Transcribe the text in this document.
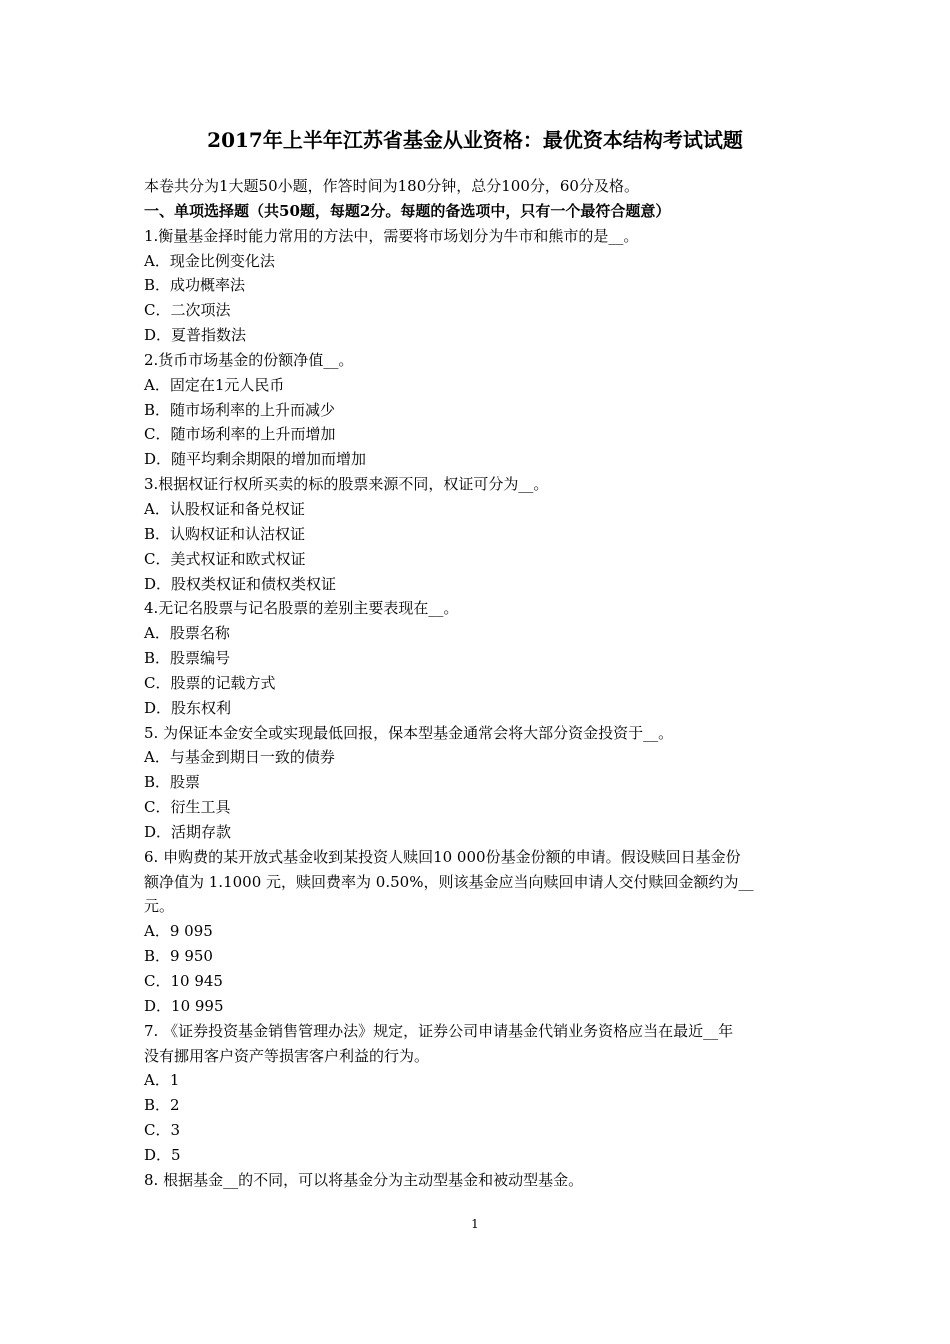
2017年上半年江苏省基金从业资格：最优资本结构考试试题
本卷共分为1大题50小题，作答时间为180分钟，总分100分，60分及格。
一、单项选择题（共50题，每题2分。每题的备选项中，只有一个最符合题意）
1.衡量基金择时能力常用的方法中，需要将市场划分为牛市和熊市的是__。
A．现金比例变化法
B．成功概率法
C．二次项法
D．夏普指数法
2.货币市场基金的份额净值__。
A．固定在1元人民币
B．随市场利率的上升而减少
C．随市场利率的上升而增加
D．随平均剩余期限的增加而增加
3.根据权证行权所买卖的标的股票来源不同，权证可分为__。
A．认股权证和备兑权证
B．认购权证和认沽权证
C．美式权证和欧式权证
D．股权类权证和债权类权证
4.无记名股票与记名股票的差别主要表现在__。
A．股票名称
B．股票编号
C．股票的记载方式
D．股东权利
5. 为保证本金安全或实现最低回报，保本型基金通常会将大部分资金投资于__。
A．与基金到期日一致的债券
B．股票
C．衍生工具
D．活期存款
6. 申购费的某开放式基金收到某投资人赎回10 000份基金份额的申请。假设赎回日基金份
额净值为 1.1000 元，赎回费率为 0.50%，则该基金应当向赎回申请人交付赎回金额约为__
元。
A．9 095
B．9 950
C．10 945
D．10 995
7. 《证券投资基金销售管理办法》规定，证券公司申请基金代销业务资格应当在最近__年
没有挪用客户资产等损害客户利益的行为。
A．1
B．2
C．3
D．5
8. 根据基金__的不同，可以将基金分为主动型基金和被动型基金。
1
